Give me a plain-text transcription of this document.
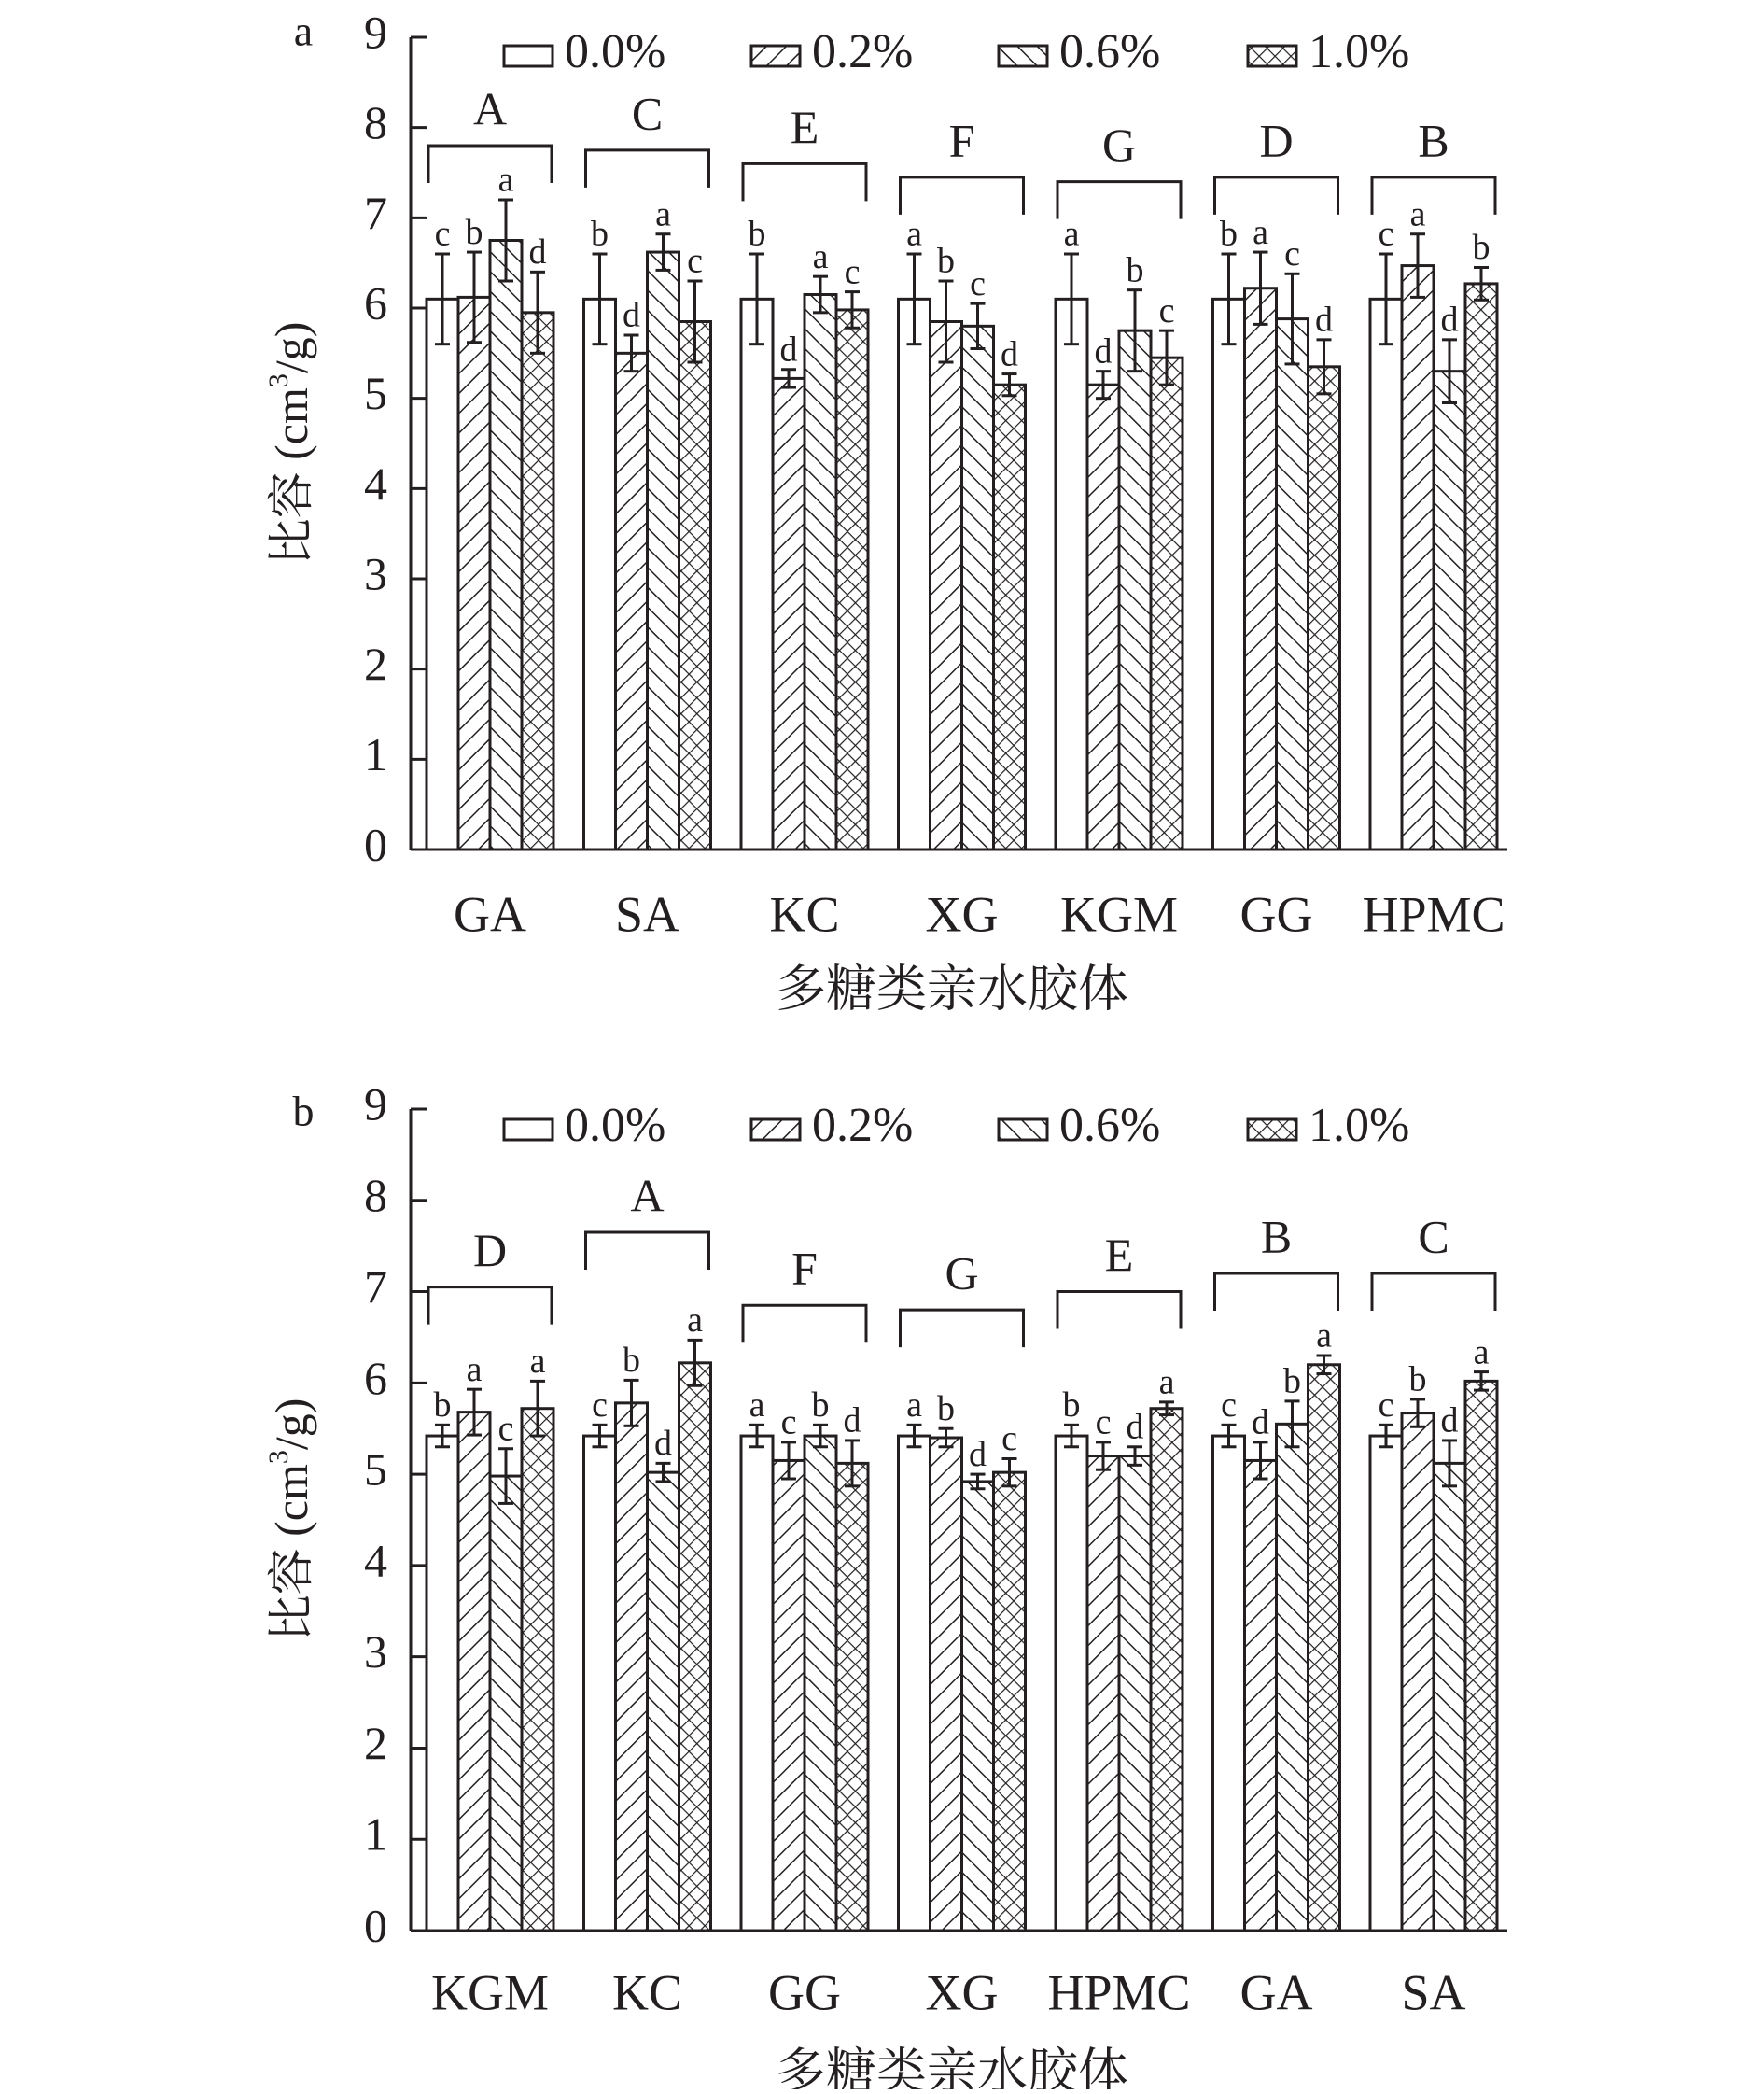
a
0
1
2
3
4
5
6
7
8
9
比容 $(cm^3/g)$
多糖类亲水胶体
0.0%	0.2%	0.6%	1.0%
c b
a
d
A
GA
b
d
a
c
C
SA
b
d
a c
E
KC
a
b
c
d
F
XG
a
d
b
c
G
KGM
b a
c
d
D
GG
c
a
d
b
B
HPMC
b
0
1
2
3
4
5
6
7
8
9
比容 $(cm^3/g)$
多糖类亲水胶体
0.0%	0.2%	0.6%	1.0%
b
a
c
a
D
KGM
c
b
d
a
A
KC
a c b d
F
GG
a b
d c
G
XG
b c d
a
E
HPMC
c d
b
a
B
GA
c
b
d
a
C
SA
